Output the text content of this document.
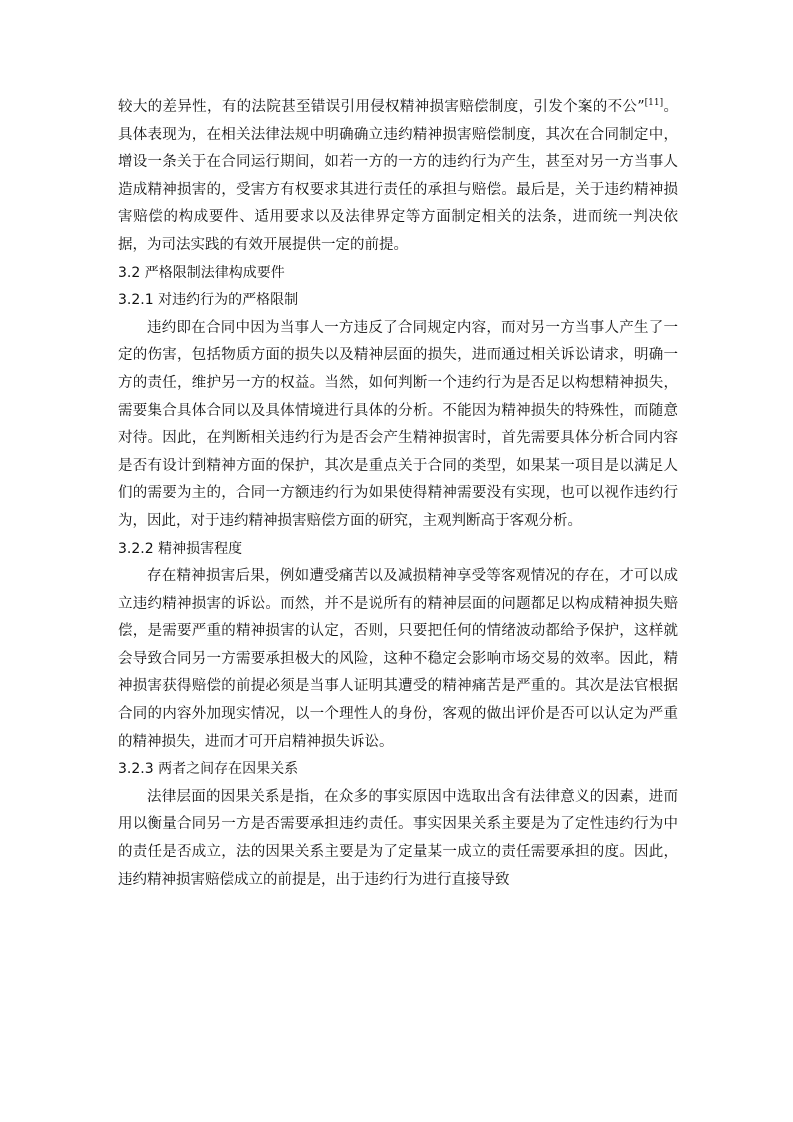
较大的差异性，有的法院甚至错误引用侵权精神损害赔偿制度，引发个案的不公”[11]。具体表现为，在相关法律法规中明确确立违约精神损害赔偿制度，其次在合同制定中，增设一条关于在合同运行期间，如若一方的一方的违约行为产生，甚至对另一方当事人造成精神损害的，受害方有权要求其进行责任的承担与赔偿。最后是，关于违约精神损害赔偿的构成要件、适用要求以及法律界定等方面制定相关的法条，进而统一判决依据，为司法实践的有效开展提供一定的前提。

3.2 严格限制法律构成要件
3.2.1 对违约行为的严格限制

违约即在合同中因为当事人一方违反了合同规定内容，而对另一方当事人产生了一定的伤害，包括物质方面的损失以及精神层面的损失，进而通过相关诉讼请求，明确一方的责任，维护另一方的权益。当然，如何判断一个违约行为是否足以构想精神损失，需要集合具体合同以及具体情境进行具体的分析。不能因为精神损失的特殊性，而随意对待。因此，在判断相关违约行为是否会产生精神损害时，首先需要具体分析合同内容是否有设计到精神方面的保护，其次是重点关于合同的类型，如果某一项目是以满足人们的需要为主的，合同一方额违约行为如果使得精神需要没有实现，也可以视作违约行为，因此，对于违约精神损害赔偿方面的研究，主观判断高于客观分析。

3.2.2 精神损害程度

存在精神损害后果，例如遭受痛苦以及减损精神享受等客观情况的存在，才可以成立违约精神损害的诉讼。而然，并不是说所有的精神层面的问题都足以构成精神损失赔偿，是需要严重的精神损害的认定，否则，只要把任何的情绪波动都给予保护，这样就会导致合同另一方需要承担极大的风险，这种不稳定会影响市场交易的效率。因此，精神损害获得赔偿的前提必须是当事人证明其遭受的精神痛苦是严重的。其次是法官根据合同的内容外加现实情况，以一个理性人的身份，客观的做出评价是否可以认定为严重的精神损失，进而才可开启精神损失诉讼。

3.2.3 两者之间存在因果关系

法律层面的因果关系是指，在众多的事实原因中选取出含有法律意义的因素，进而用以衡量合同另一方是否需要承担违约责任。事实因果关系主要是为了定性违约行为中的责任是否成立，法的因果关系主要是为了定量某一成立的责任需要承担的度。因此，违约精神损害赔偿成立的前提是，出于违约行为进行直接导致
